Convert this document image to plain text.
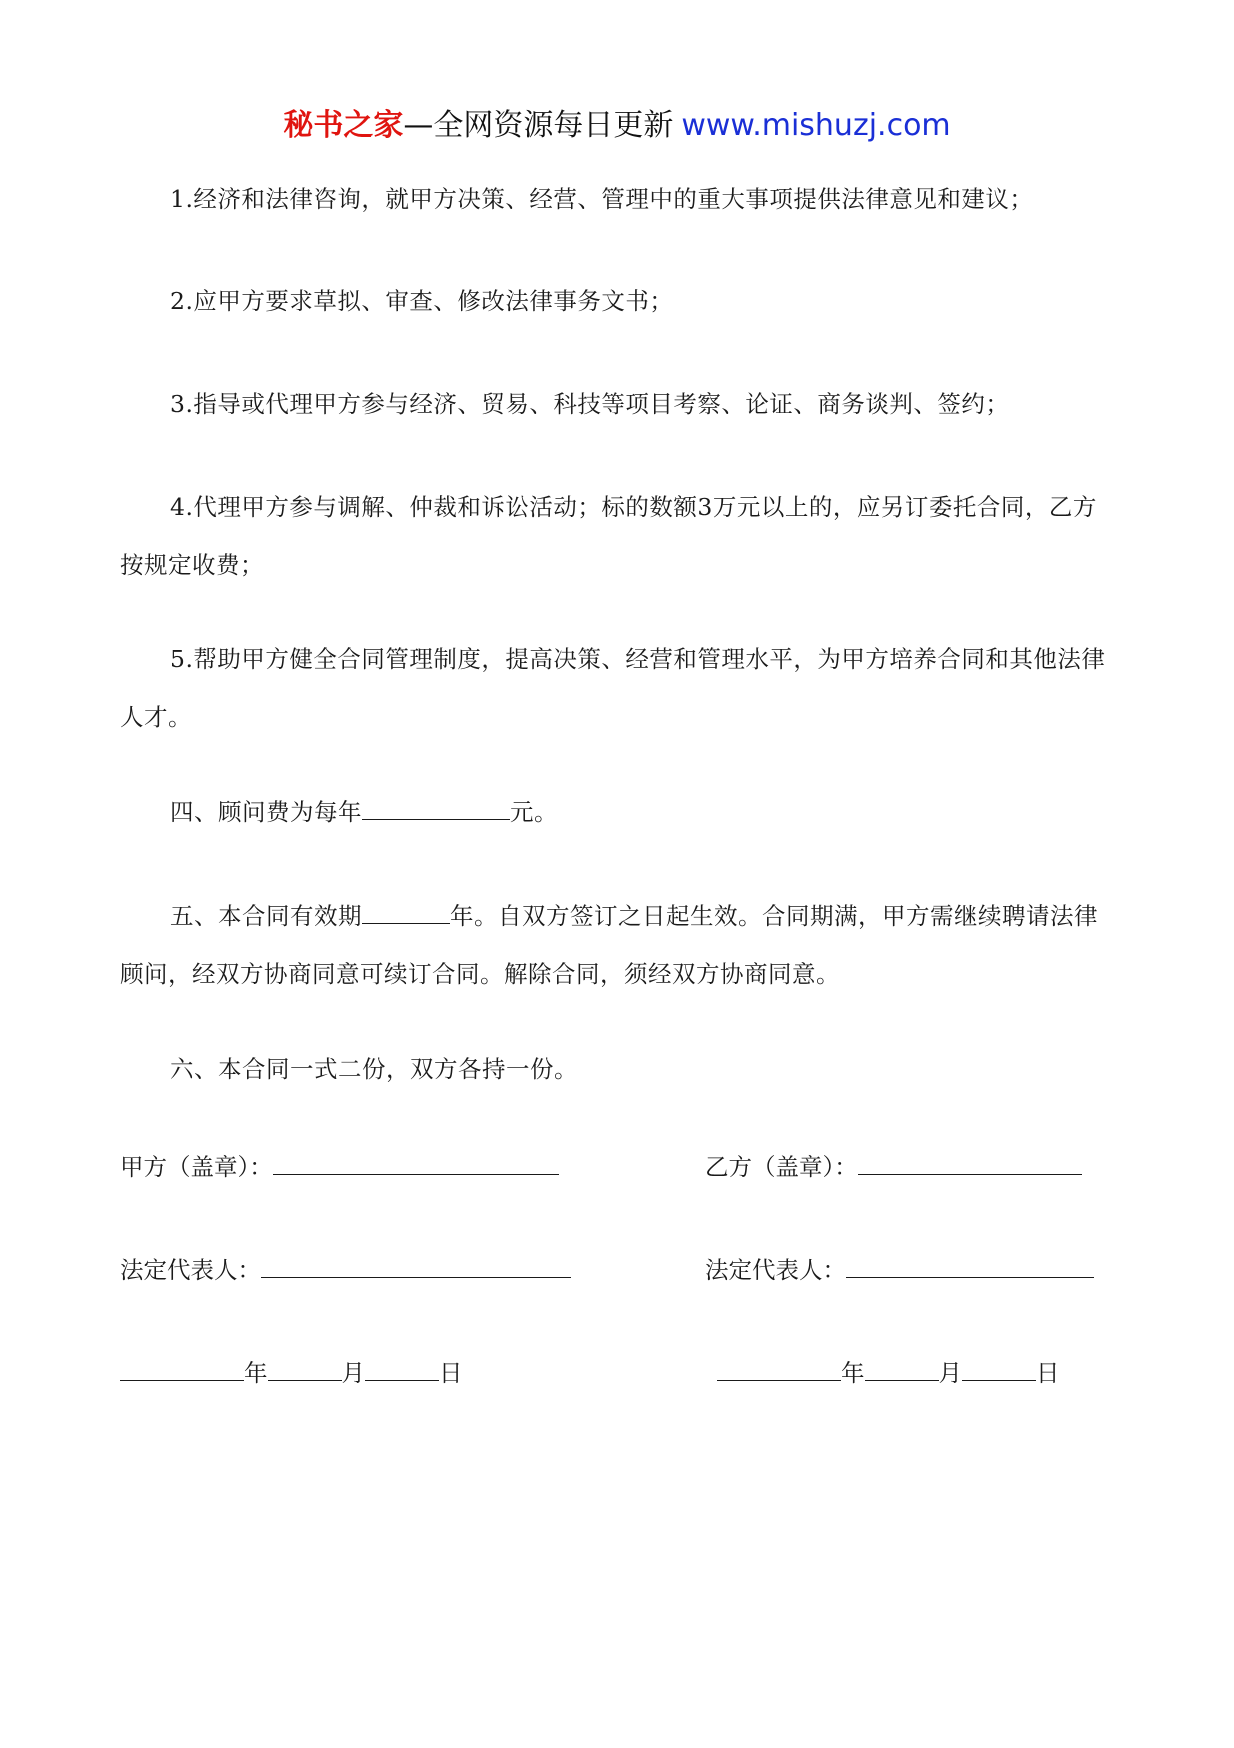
秘书之家—全网资源每日更新 www.mishuzj.com

1.经济和法律咨询，就甲方决策、经营、管理中的重大事项提供法律意见和建议；

2.应甲方要求草拟、审查、修改法律事务文书；

3.指导或代理甲方参与经济、贸易、科技等项目考察、论证、商务谈判、签约；

4.代理甲方参与调解、仲裁和诉讼活动；标的数额3万元以上的，应另订委托合同，乙方按规定收费；

5.帮助甲方健全合同管理制度，提高决策、经营和管理水平，为甲方培养合同和其他法律人才。

四、顾问费为每年	元。

五、本合同有效期	年。自双方签订之日起生效。合同期满，甲方需继续聘请法律顾问，经双方协商同意可续订合同。解除合同，须经双方协商同意。

六、本合同一式二份，双方各持一份。

甲方（盖章）：	乙方（盖章）：
法定代表人：	法定代表人：
年	月	日	年	月	日
